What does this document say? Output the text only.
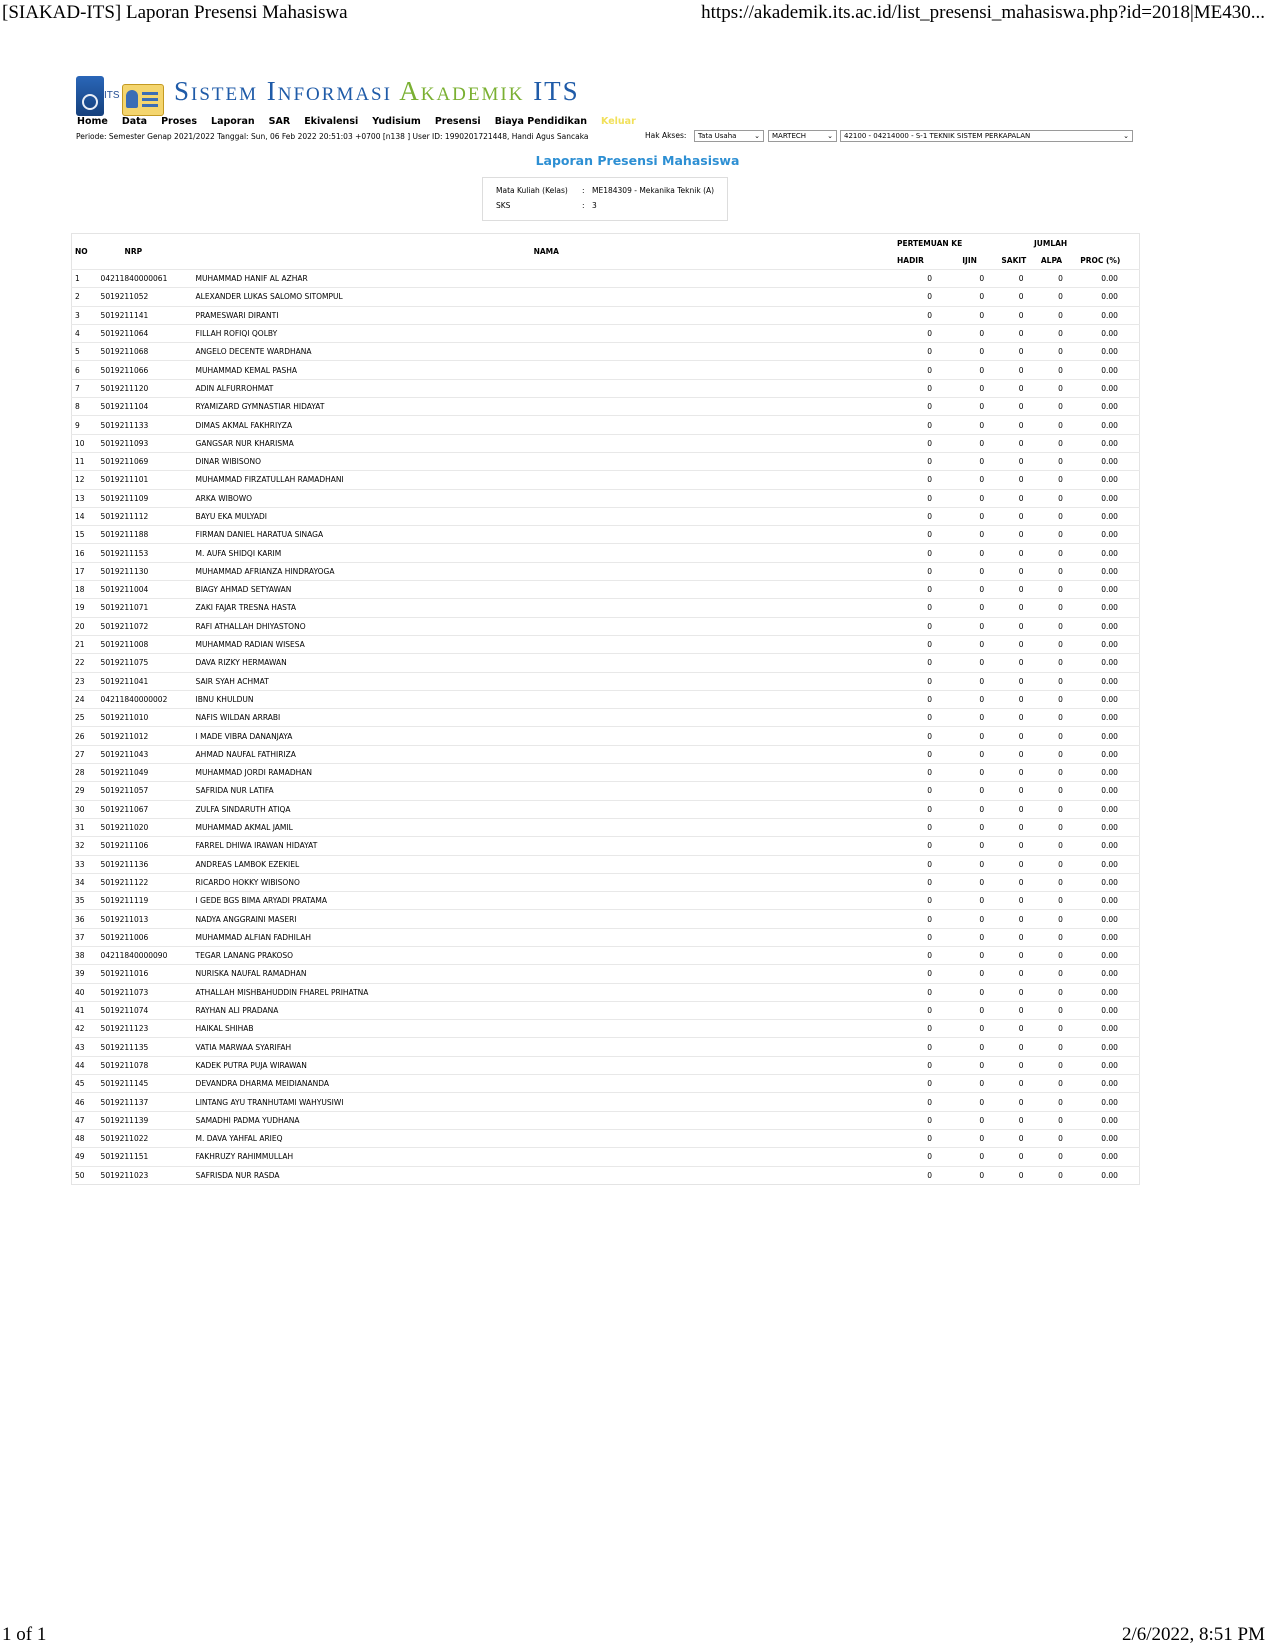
[SIAKAD-ITS] Laporan Presensi Mahasiswa	https://akademik.its.ac.id/list_presensi_mahasiswa.php?id=2018|ME430...
ITS Sistem Informasi Akademik ITS
Home Data Proses Laporan SAR Ekivalensi Yudisium Presensi Biaya Pendidikan Keluar
Periode: Semester Genap 2021/2022 Tanggal: Sun, 06 Feb 2022 20:51:03 +0700 [n138 ] User ID: 1990201721448, Handi Agus Sancaka	Hak Akses:	Tata Usaha	⌄	MARTECH	⌄	42100 - 04214000 - S-1 TEKNIK SISTEM PERKAPALAN	⌄
Laporan Presensi Mahasiswa
Mata Kuliah (Kelas) : ME184309 - Mekanika Teknik (A)
SKS	: 3
NO	NRP	NAMA	PERTEMUAN KE	JUMLAH			
			HADIR	IJIN	SAKIT	ALPA	PROC (%)
1	04211840000061	MUHAMMAD HANIF AL AZHAR	0	0	0	0	0.00
2	5019211052	ALEXANDER LUKAS SALOMO SITOMPUL	0	0	0	0	0.00
3	5019211141	PRAMESWARI DIRANTI	0	0	0	0	0.00
4	5019211064	FILLAH ROFIQI QOLBY	0	0	0	0	0.00
5	5019211068	ANGELO DECENTE WARDHANA	0	0	0	0	0.00
6	5019211066	MUHAMMAD KEMAL PASHA	0	0	0	0	0.00
7	5019211120	ADIN ALFURROHMAT	0	0	0	0	0.00
8	5019211104	RYAMIZARD GYMNASTIAR HIDAYAT	0	0	0	0	0.00
9	5019211133	DIMAS AKMAL FAKHRIYZA	0	0	0	0	0.00
10	5019211093	GANGSAR NUR KHARISMA	0	0	0	0	0.00
11	5019211069	DINAR WIBISONO	0	0	0	0	0.00
12	5019211101	MUHAMMAD FIRZATULLAH RAMADHANI	0	0	0	0	0.00
13	5019211109	ARKA WIBOWO	0	0	0	0	0.00
14	5019211112	BAYU EKA MULYADI	0	0	0	0	0.00
15	5019211188	FIRMAN DANIEL HARATUA SINAGA	0	0	0	0	0.00
16	5019211153	M. AUFA SHIDQI KARIM	0	0	0	0	0.00
17	5019211130	MUHAMMAD AFRIANZA HINDRAYOGA	0	0	0	0	0.00
18	5019211004	BIAGY AHMAD SETYAWAN	0	0	0	0	0.00
19	5019211071	ZAKI FAJAR TRESNA HASTA	0	0	0	0	0.00
20	5019211072	RAFI ATHALLAH DHIYASTONO	0	0	0	0	0.00
21	5019211008	MUHAMMAD RADIAN WISESA	0	0	0	0	0.00
22	5019211075	DAVA RIZKY HERMAWAN	0	0	0	0	0.00
23	5019211041	SAIR SYAH ACHMAT	0	0	0	0	0.00
24	04211840000002	IBNU KHULDUN	0	0	0	0	0.00
25	5019211010	NAFIS WILDAN ARRABI	0	0	0	0	0.00
26	5019211012	I MADE VIBRA DANANJAYA	0	0	0	0	0.00
27	5019211043	AHMAD NAUFAL FATHIRIZA	0	0	0	0	0.00
28	5019211049	MUHAMMAD JORDI RAMADHAN	0	0	0	0	0.00
29	5019211057	SAFRIDA NUR LATIFA	0	0	0	0	0.00
30	5019211067	ZULFA SINDARUTH ATIQA	0	0	0	0	0.00
31	5019211020	MUHAMMAD AKMAL JAMIL	0	0	0	0	0.00
32	5019211106	FARREL DHIWA IRAWAN HIDAYAT	0	0	0	0	0.00
33	5019211136	ANDREAS LAMBOK EZEKIEL	0	0	0	0	0.00
34	5019211122	RICARDO HOKKY WIBISONO	0	0	0	0	0.00
35	5019211119	I GEDE BGS BIMA ARYADI PRATAMA	0	0	0	0	0.00
36	5019211013	NADYA ANGGRAINI MASERI	0	0	0	0	0.00
37	5019211006	MUHAMMAD ALFIAN FADHILAH	0	0	0	0	0.00
38	04211840000090	TEGAR LANANG PRAKOSO	0	0	0	0	0.00
39	5019211016	NURISKA NAUFAL RAMADHAN	0	0	0	0	0.00
40	5019211073	ATHALLAH MISHBAHUDDIN FHAREL PRIHATNA	0	0	0	0	0.00
41	5019211074	RAYHAN ALI PRADANA	0	0	0	0	0.00
42	5019211123	HAIKAL SHIHAB	0	0	0	0	0.00
43	5019211135	VATIA MARWAA SYARIFAH	0	0	0	0	0.00
44	5019211078	KADEK PUTRA PUJA WIRAWAN	0	0	0	0	0.00
45	5019211145	DEVANDRA DHARMA MEIDIANANDA	0	0	0	0	0.00
46	5019211137	LINTANG AYU TRANHUTAMI WAHYUSIWI	0	0	0	0	0.00
47	5019211139	SAMADHI PADMA YUDHANA	0	0	0	0	0.00
48	5019211022	M. DAVA YAHFAL ARIEQ	0	0	0	0	0.00
49	5019211151	FAKHRUZY RAHIMMULLAH	0	0	0	0	0.00
50	5019211023	SAFRISDA NUR RASDA	0	0	0	0	0.00
1 of 1	2/6/2022, 8:51 PM
